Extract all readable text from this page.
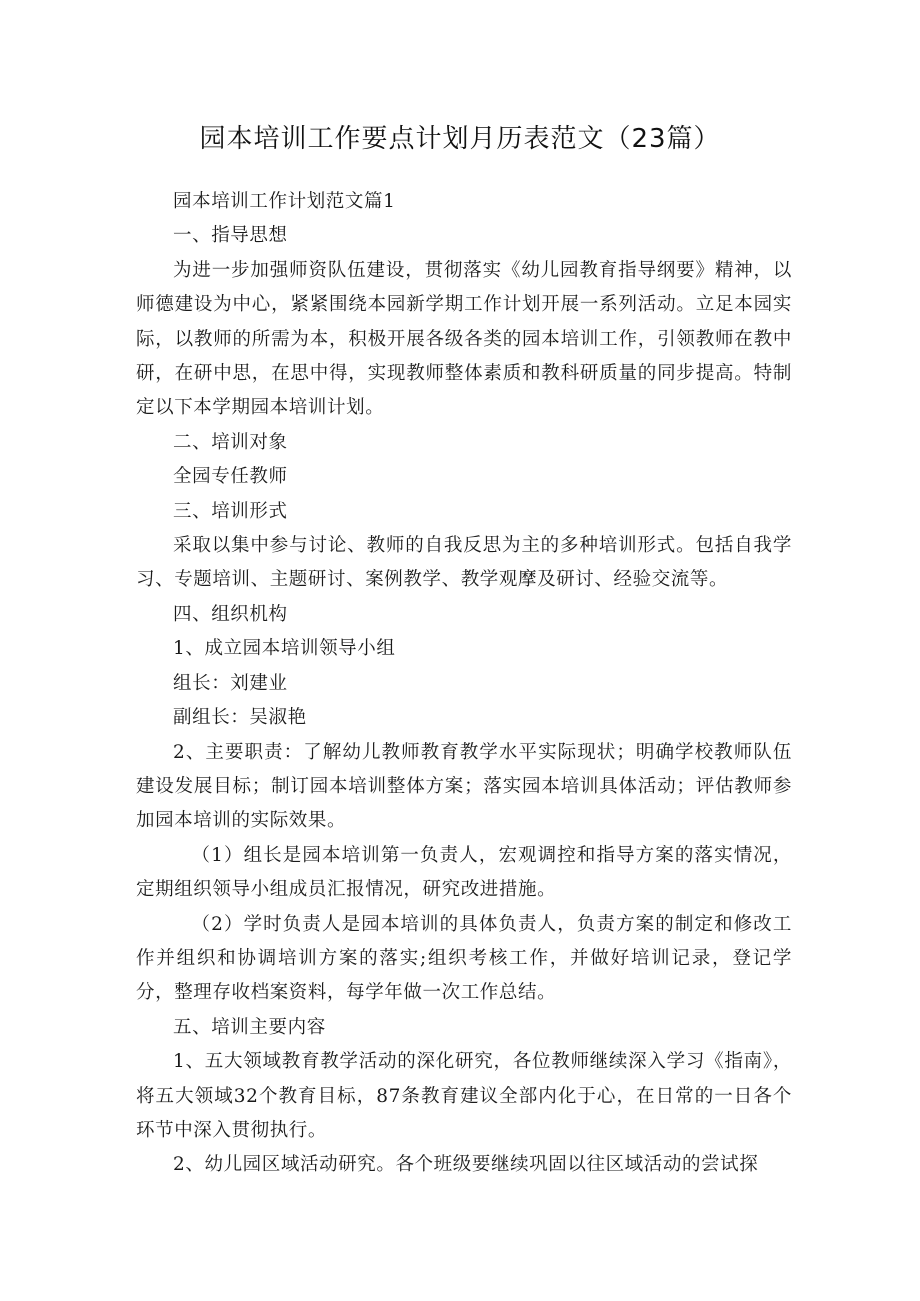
园本培训工作要点计划月历表范文（23篇）

园本培训工作计划范文篇1

一、指导思想

为进一步加强师资队伍建设，贯彻落实《幼儿园教育指导纲要》精神，以师德建设为中心，紧紧围绕本园新学期工作计划开展一系列活动。立足本园实际，以教师的所需为本，积极开展各级各类的园本培训工作，引领教师在教中研，在研中思，在思中得，实现教师整体素质和教科研质量的同步提高。特制定以下本学期园本培训计划。

二、培训对象

全园专任教师

三、培训形式

采取以集中参与讨论、教师的自我反思为主的多种培训形式。包括自我学习、专题培训、主题研讨、案例教学、教学观摩及研讨、经验交流等。

四、组织机构

1、成立园本培训领导小组

组长：刘建业

副组长：吴淑艳

2、主要职责：了解幼儿教师教育教学水平实际现状；明确学校教师队伍建设发展目标；制订园本培训整体方案；落实园本培训具体活动；评估教师参加园本培训的实际效果。

（1）组长是园本培训第一负责人，宏观调控和指导方案的落实情况，定期组织领导小组成员汇报情况，研究改进措施。

（2）学时负责人是园本培训的具体负责人，负责方案的制定和修改工作并组织和协调培训方案的落实;组织考核工作，并做好培训记录，登记学分，整理存收档案资料，每学年做一次工作总结。

五、培训主要内容

1、五大领域教育教学活动的深化研究，各位教师继续深入学习《指南》，将五大领域32个教育目标，87条教育建议全部内化于心，在日常的一日各个环节中深入贯彻执行。

2、幼儿园区域活动研究。各个班级要继续巩固以往区域活动的尝试探
